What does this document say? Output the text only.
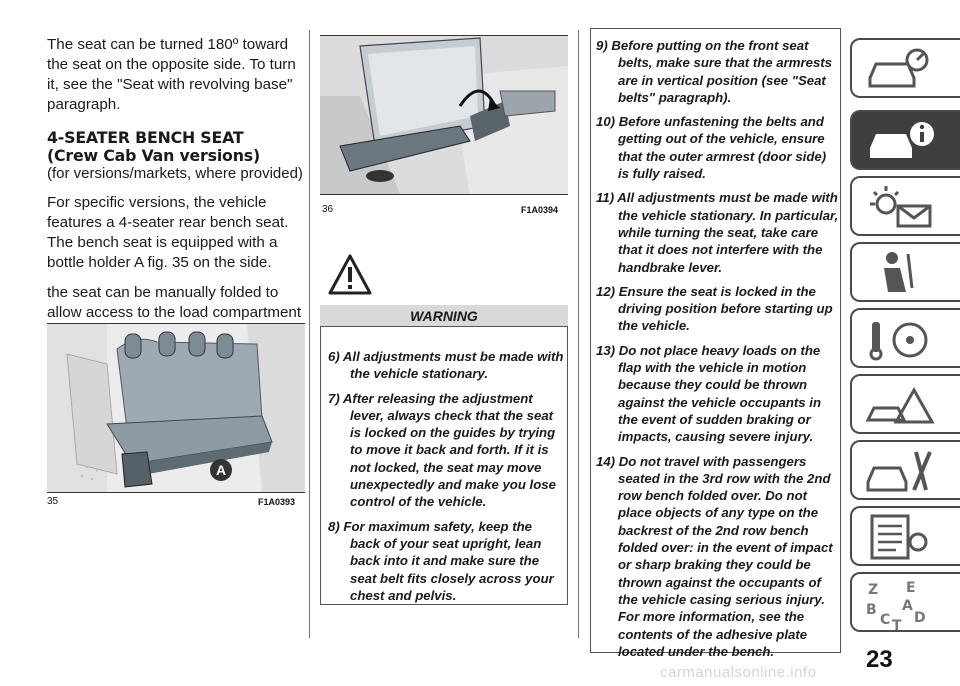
The seat can be turned 180º toward the seat on the opposite side. To turn it, see the "Seat with revolving base" paragraph.

4-SEATER BENCH SEAT
(Crew Cab Van versions)
(for versions/markets, where provided)

For specific versions, the vehicle features a 4-seater rear bench seat. The bench seat is equipped with a bottle holder A fig. 35 on the side.

the seat can be manually folded to allow access to the load compartment

A
35	F1A0393
36	F1A0394
WARNING
6) All adjustments must be made with the vehicle stationary.
7) After releasing the adjustment lever, always check that the seat is locked on the guides by trying to move it back and forth. If it is not locked, the seat may move unexpectedly and make you lose control of the vehicle.
8) For maximum safety, keep the back of your seat upright, lean back into it and make sure the seat belt fits closely across your chest and pelvis.
9) Before putting on the front seat belts, make sure that the armrests are in vertical position (see "Seat belts" paragraph).
10) Before unfastening the belts and getting out of the vehicle, ensure that the outer armrest (door side) is fully raised.
11) All adjustments must be made with the vehicle stationary. In particular, while turning the seat, take care that it does not interfere with the handbrake lever.
12) Ensure the seat is locked in the driving position before starting up the vehicle.
13) Do not place heavy loads on the flap with the vehicle in motion because they could be thrown against the vehicle occupants in the event of sudden braking or impacts, causing severe injury.
14) Do not travel with passengers seated in the 3rd row with the 2nd row bench folded over. Do not place objects of any type on the backrest of the 2nd row bench folded over: in the event of impact or sharp braking they could be thrown against the occupants of the vehicle casing serious injury. For more information, see the contents of the adhesive plate located under the bench.
Z E
B A
C D
T
23
carmanualsonline.info
